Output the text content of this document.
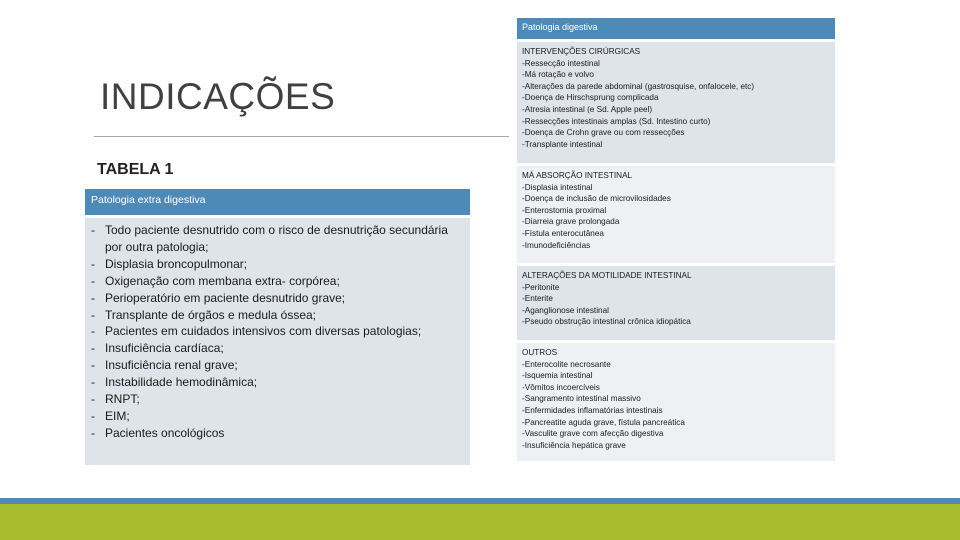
INDICAÇÕES
TABELA 1
Patologia extra digestiva
- Todo paciente desnutrido com o risco de desnutrição secundária por outra patologia;
- Displasia broncopulmonar;
- Oxigenação com membana extra- corpórea;
- Perioperatório em paciente desnutrido grave;
- Transplante de órgãos e medula óssea;
- Pacientes em cuidados intensivos com diversas patologias;
- Insuficiência cardíaca;
- Insuficiência renal grave;
- Instabilidade hemodinâmica;
- RNPT;
- EIM;
- Pacientes oncológicos
Patologia digestiva
INTERVENÇÕES CIRÚRGICAS
-Ressecção intestinal
-Má rotação e volvo
-Alterações da parede abdominal (gastrosquise, onfalocele, etc)
-Doença de Hirschsprung complicada
-Atresia intestinal (e Sd. Apple peel)
-Ressecções intestinais amplas (Sd. Intestino curto)
-Doença de Crohn grave ou com ressecções
-Transplante intestinal
MÁ ABSORÇÃO INTESTINAL
-Displasia intestinal
-Doença de inclusão de microvilosidades
-Enterostomia proximal
-Diarreia grave prolongada
-Fístula enterocutânea
-Imunodeficiências
ALTERAÇÕES DA MOTILIDADE INTESTINAL
-Peritonite
-Enterite
-Aganglionose intestinal
-Pseudo obstrução intestinal crônica idiopática
OUTROS
-Enterocolite necrosante
-Isquemia intestinal
-Vômitos incoercíveis
-Sangramento intestinal massivo
-Enfermidades inflamatórias intestinais
-Pancreatite aguda grave, fístula pancreática
-Vasculite grave com afecção digestiva
-Insuficiência hepática grave
